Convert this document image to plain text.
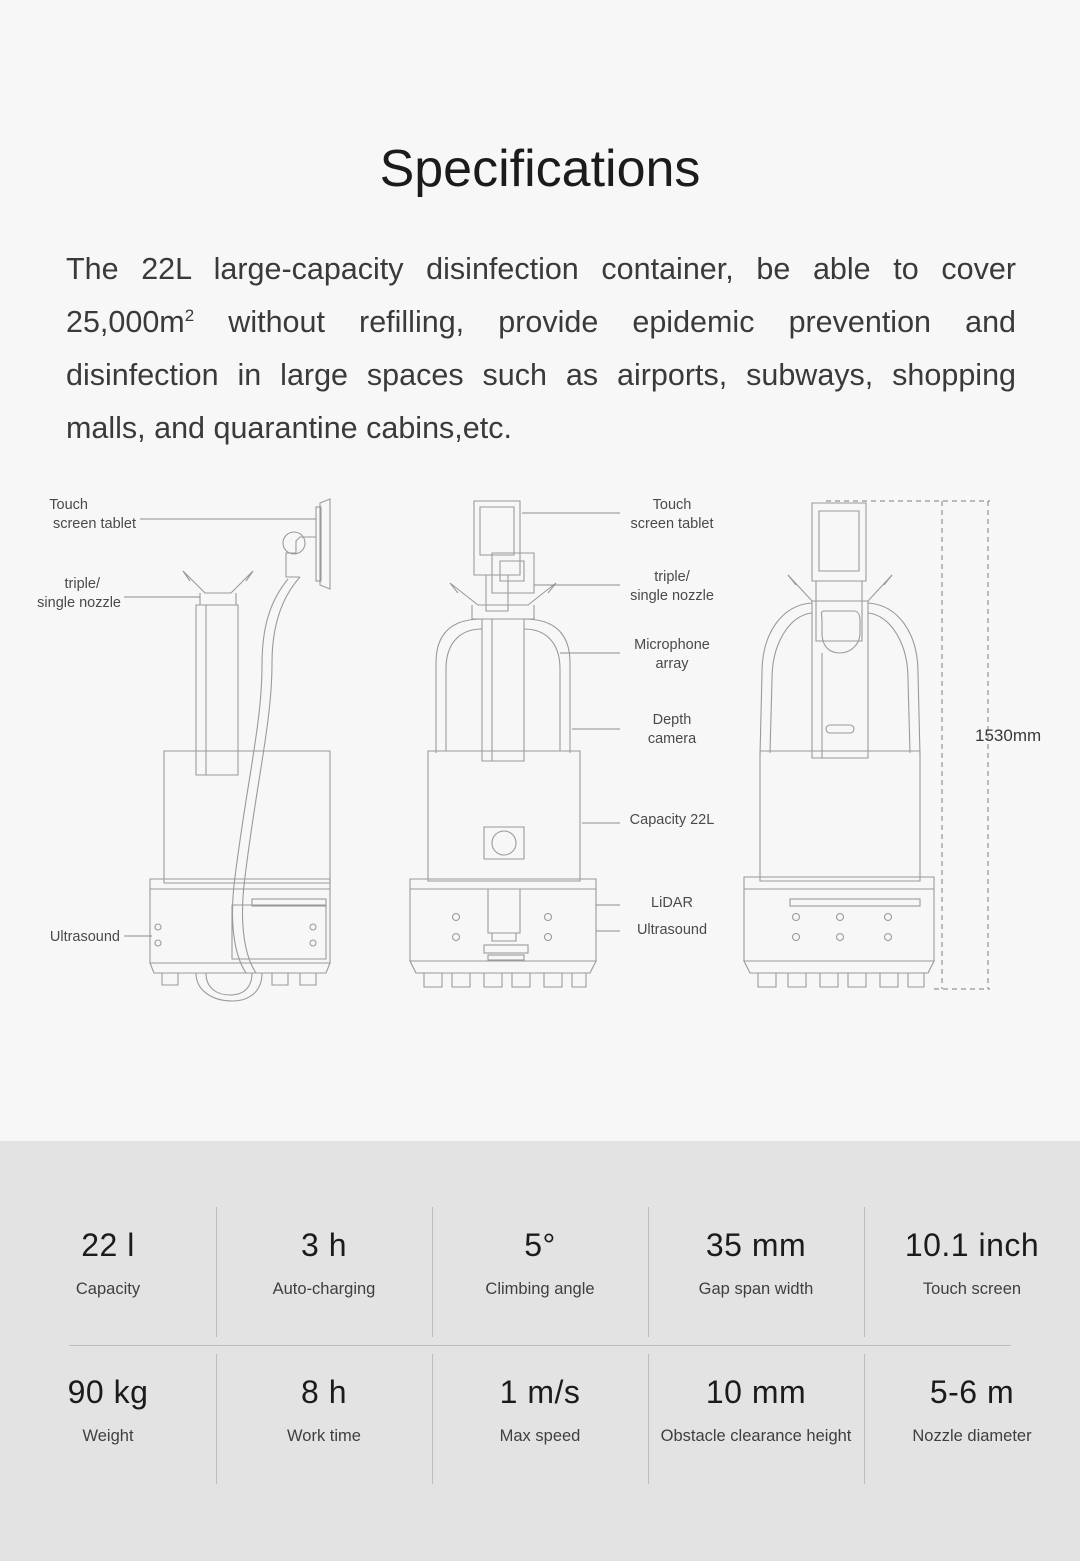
Specifications
The 22L large-capacity disinfection container, be able to cover $25,000m^2$ without refilling, provide epidemic prevention and disinfection in large spaces such as airports, subways, shopping malls, and quarantine cabins,etc.
Touch
screen tablet
triple/
single nozzle
Ultrasound
Touch
screen tablet
triple/
single nozzle
Microphone
array
Depth
camera
Capacity 22L
LiDAR
Ultrasound
1530mm
22 l
Capacity
3 h
Auto-charging
5°
Climbing angle
35 mm
Gap span width
10.1 inch
Touch screen
90 kg
Weight
8 h
Work time
1 m/s
Max speed
10 mm
Obstacle clearance height
5-6 m
Nozzle diameter
